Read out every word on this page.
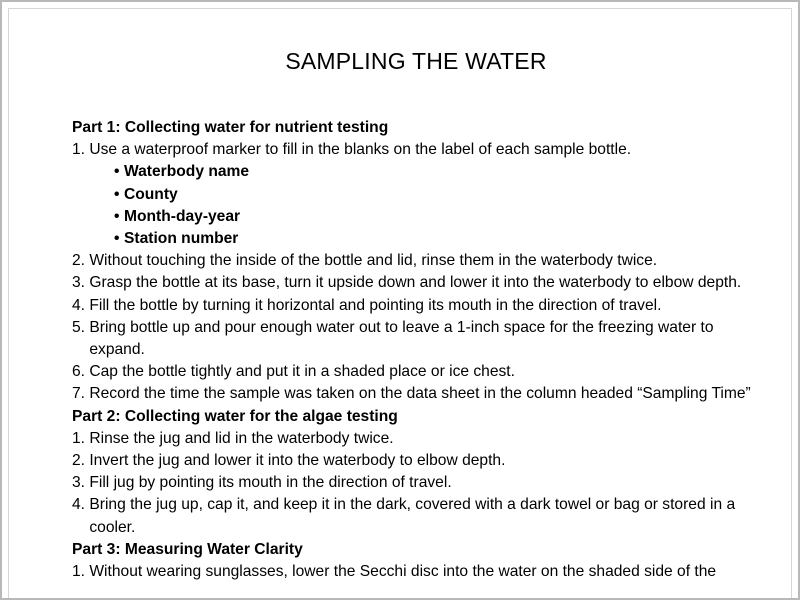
SAMPLING THE WATER
Part 1: Collecting water for nutrient testing
1. Use a waterproof marker to fill in the blanks on the label of each sample bottle.
• Waterbody name
• County
• Month-day-year
• Station number
2. Without touching the inside of the bottle and lid, rinse them in the waterbody twice.
3. Grasp the bottle at its base, turn it upside down and lower it into the waterbody to elbow depth.
4. Fill the bottle by turning it horizontal and pointing its mouth in the direction of travel.
5. Bring bottle up and pour enough water out to leave a 1-inch space for the freezing water to expand.
6. Cap the bottle tightly and put it in a shaded place or ice chest.
7. Record the time the sample was taken on the data sheet in the column headed “Sampling Time”
Part 2: Collecting water for the algae testing
1. Rinse the jug and lid in the waterbody twice.
2. Invert the jug and lower it into the waterbody to elbow depth.
3. Fill jug by pointing its mouth in the direction of travel.
4. Bring the jug up, cap it, and keep it in the dark, covered with a dark towel or bag or stored in a cooler.
Part 3: Measuring Water Clarity
1. Without wearing sunglasses, lower the Secchi disc into the water on the shaded side of the
